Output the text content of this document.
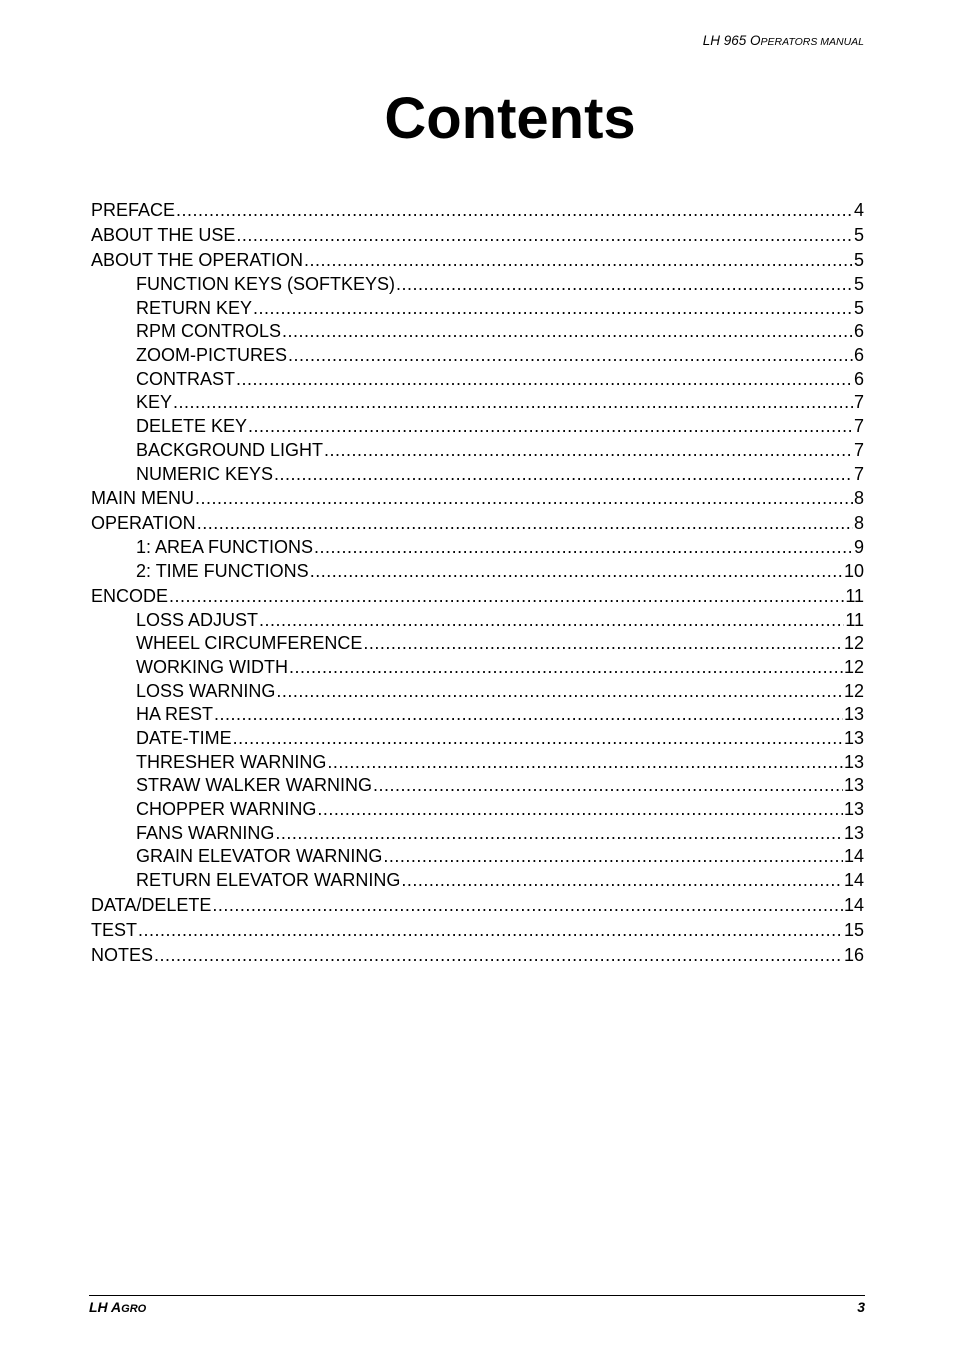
LH 965 OPERATORS MANUAL
Contents
PREFACE .....	4
ABOUT THE USE .....	5
ABOUT THE OPERATION .....	5
FUNCTION KEYS (SOFTKEYS) .....	5
RETURN KEY .....	5
RPM CONTROLS .....	6
ZOOM-PICTURES .....	6
CONTRAST .....	6
KEY .....	7
DELETE KEY .....	7
BACKGROUND LIGHT .....	7
NUMERIC KEYS .....	7
MAIN MENU .....	8
OPERATION .....	8
1: AREA FUNCTIONS .....	9
2: TIME FUNCTIONS .....	10
ENCODE .....	11
LOSS ADJUST .....	11
WHEEL CIRCUMFERENCE .....	12
WORKING WIDTH .....	12
LOSS WARNING .....	12
HA REST .....	13
DATE-TIME .....	13
THRESHER WARNING .....	13
STRAW WALKER WARNING .....	13
CHOPPER WARNING .....	13
FANS WARNING .....	13
GRAIN ELEVATOR WARNING .....	14
RETURN ELEVATOR WARNING .....	14
DATA/DELETE .....	14
TEST .....	15
NOTES .....	16
LH AGRO	3
